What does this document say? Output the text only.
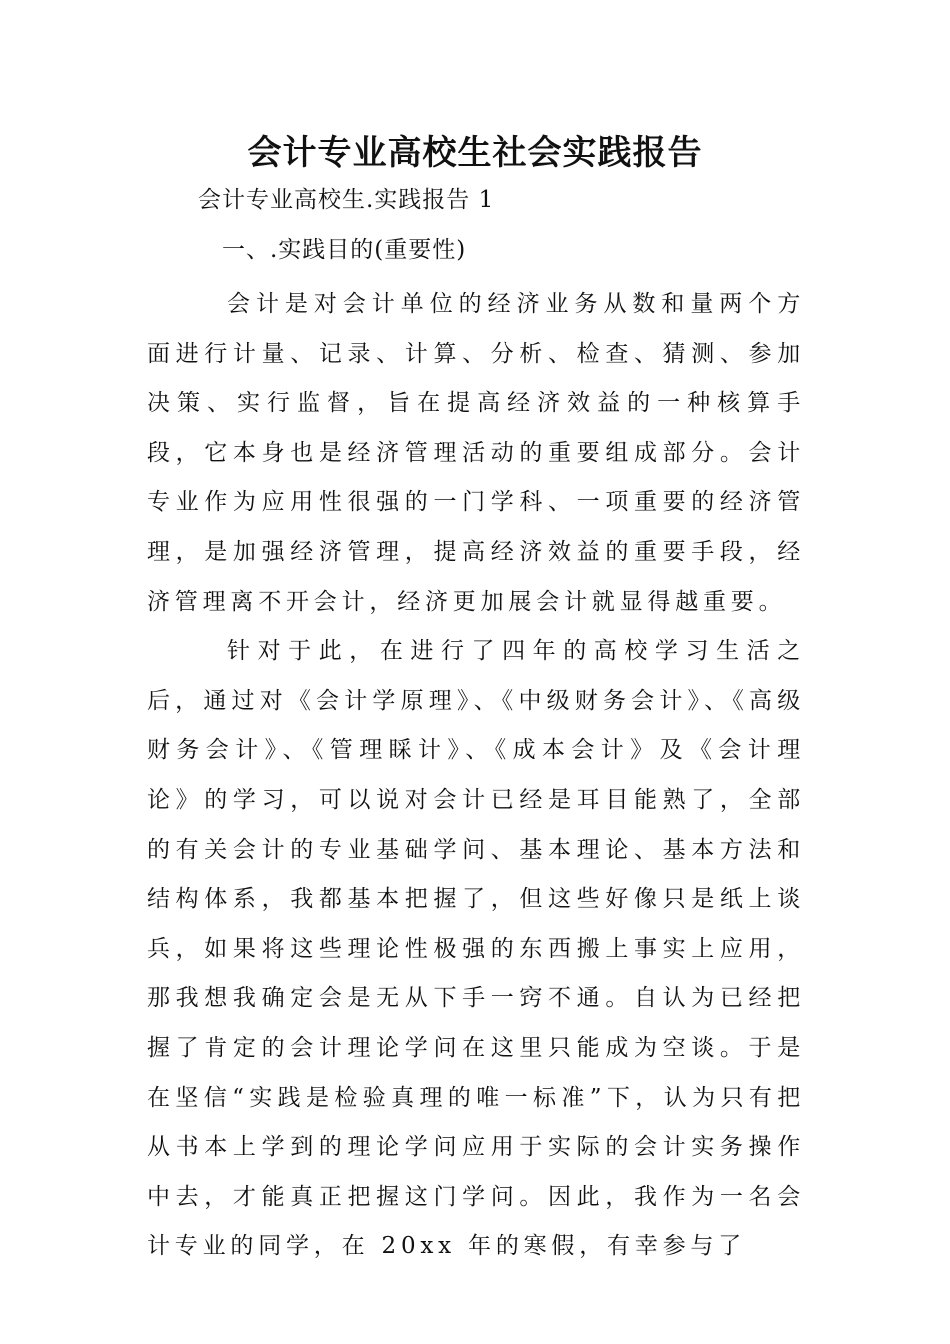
会计专业高校生社会实践报告

会计专业高校生.实践报告 1

一、.实践目的(重要性)

会计是对会计单位的经济业务从数和量两个方面进行计量、记录、计算、分析、检查、猜测、参加决策、实行监督，旨在提高经济效益的一种核算手段，它本身也是经济管理活动的重要组成部分。会计专业作为应用性很强的一门学科、一项重要的经济管理，是加强经济管理，提高经济效益的重要手段，经济管理离不开会计，经济更加展会计就显得越重要。

针对于此，在进行了四年的高校学习生活之后，通过对《会计学原理》、《中级财务会计》、《高级财务会计》、《管理睬计》、《成本会计》及《会计理论》的学习，可以说对会计已经是耳目能熟了，全部的有关会计的专业基础学问、基本理论、基本方法和结构体系，我都基本把握了，但这些好像只是纸上谈兵，如果将这些理论性极强的东西搬上事实上应用，那我想我确定会是无从下手一窍不通。自认为已经把握了肯定的会计理论学问在这里只能成为空谈。于是在坚信“实践是检验真理的唯一标准”下，认为只有把从书本上学到的理论学问应用于实际的会计实务操作中去，才能真正把握这门学问。因此，我作为一名会计专业的同学，在 20xx 年的寒假，有幸参与了
